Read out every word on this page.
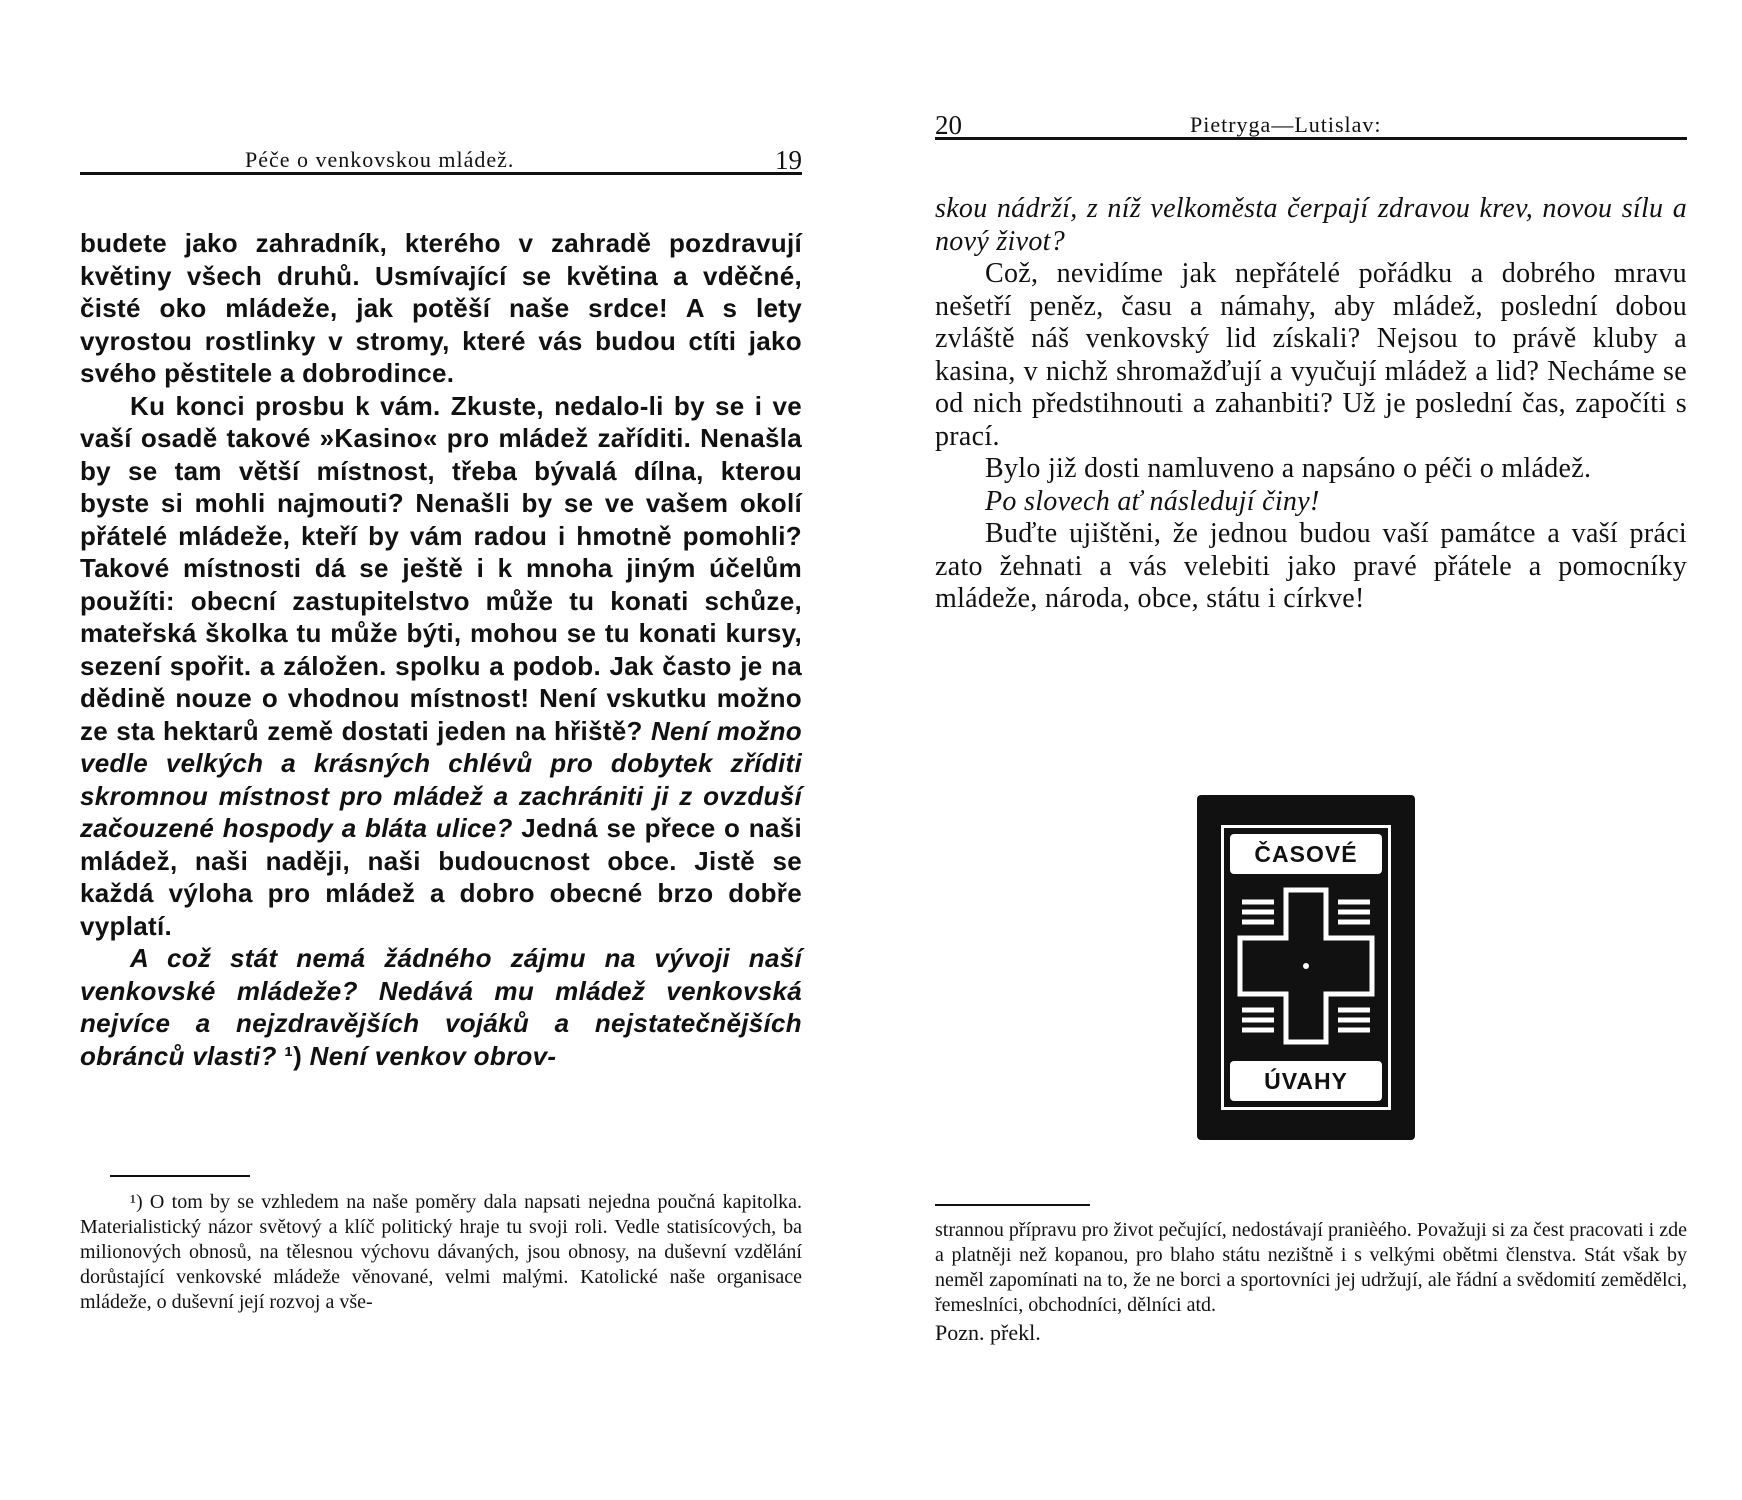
Péče o venkovskou mládež.	19

budete jako zahradník, kterého v zahradě pozdravují květiny všech druhů. Usmívající se květina a vděčné, čisté oko mládeže, jak potěší naše srdce! A s lety vyrostou rostlinky v stromy, které vás budou ctíti jako svého pěstitele a dobrodince.

Ku konci prosbu k vám. Zkuste, nedalo-li by se i ve vaší osadě takové »Kasino« pro mládež zaříditi. Nenašla by se tam větší místnost, třeba bývalá dílna, kterou byste si mohli najmouti? Nenašli by se ve vašem okolí přátelé mládeže, kteří by vám radou i hmotně pomohli? Takové místnosti dá se ještě i k mnoha jiným účelům použíti: obecní zastupitelstvo může tu konati schůze, mateřská školka tu může býti, mohou se tu konati kursy, sezení spořit. a záložen. spolku a podob. Jak často je na dědině nouze o vhodnou místnost! Není vskutku možno ze sta hektarů země dostati jeden na hřiště? Není možno vedle velkých a krásných chlévů pro dobytek zříditi skromnou místnost pro mládež a zachrániti ji z ovzduší začouzené hospody a bláta ulice? Jedná se přece o naši mládež, naši naději, naši budoucnost obce. Jistě se každá výloha pro mládež a dobro obecné brzo dobře vyplatí.

A což stát nemá žádného zájmu na vývoji naší venkovské mládeže? Nedává mu mládež venkovská nejvíce a nejzdravějších vojáků a nejstatečnějších obránců vlasti? ¹) Není venkov obrov-

¹) O tom by se vzhledem na naše poměry dala napsati nejedna poučná kapitolka. Materialistický názor světový a klíč politický hraje tu svoji roli. Vedle statisícových, ba milionových obnosů, na tělesnou výchovu dávaných, jsou obnosy, na duševní vzdělání dorůstající venkovské mládeže věnované, velmi malými. Katolické naše organisace mládeže, o duševní její rozvoj a vše-

20	Pietryga—Lutislav:

skou nádrží, z níž velkoměsta čerpají zdravou krev, novou sílu a nový život?

Což, nevidíme jak nepřátelé pořádku a dobrého mravu nešetří peněz, času a námahy, aby mládež, poslední dobou zvláště náš venkovský lid získali? Nejsou to právě kluby a kasina, v nichž shromažďují a vyučují mládež a lid? Necháme se od nich předstihnouti a zahanbiti? Už je poslední čas, započíti s prací.

Bylo již dosti namluveno a napsáno o péči o mládež.

Po slovech ať následují činy!

Buďte ujištěni, že jednou budou vaší památce a vaší práci zato žehnati a vás velebiti jako pravé přátele a pomocníky mládeže, národa, obce, státu i církve!

ČASOVÉ
ÚVAHY

strannou přípravu pro život pečující, nedostávají pranièého. Považuji si za čest pracovati i zde a platněji než kopanou, pro blaho státu nezištně i s velkými obětmi členstva. Stát však by neměl zapomínati na to, že ne borci a sportovníci jej udržují, ale řádní a svědomití zemědělci, řemeslníci, obchodníci, dělníci atd.

Pozn. překl.
